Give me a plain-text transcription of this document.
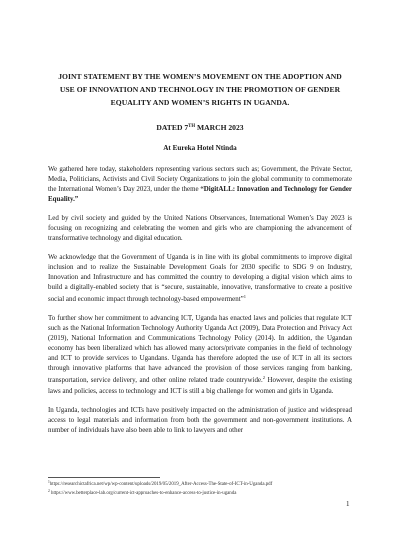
JOINT STATEMENT BY THE WOMEN’S MOVEMENT ON THE ADOPTION AND USE OF INNOVATION AND TECHNOLOGY IN THE PROMOTION OF GENDER EQUALITY AND WOMEN’S RIGHTS IN UGANDA.
DATED 7TH MARCH 2023
At Eureka Hotel Ntinda

We gathered here today, stakeholders representing various sectors such as; Government, the Private Sector, Media, Politicians, Activists and Civil Society Organizations to join the global community to commemorate the International Women’s Day 2023, under the theme “DigitALL: Innovation and Technology for Gender Equality.”

Led by civil society and guided by the United Nations Observances, International Women’s Day 2023 is focusing on recognizing and celebrating the women and girls who are championing the advancement of transformative technology and digital education.

We acknowledge that the Government of Uganda is in line with its global commitments to improve digital inclusion and to realize the Sustainable Development Goals for 2030 specific to SDG 9 on Industry, Innovation and Infrastructure and has committed the country to developing a digital vision which aims to build a digitally-enabled society that is “secure, sustainable, innovative, transformative to create a positive social and economic impact through technology-based empowerment”$^1$

To further show her commitment to advancing ICT, Uganda has enacted laws and policies that regulate ICT such as the National Information Technology Authority Uganda Act (2009), Data Protection and Privacy Act (2019), National Information and Communications Technology Policy (2014). In addition, the Ugandan economy has been liberalized which has allowed many actors/private companies in the field of technology and ICT to provide services to Ugandans. Uganda has therefore adopted the use of ICT in all its sectors through innovative platforms that have advanced the provision of those services ranging from banking, transportation, service delivery, and other online related trade countrywide.$^2$ However, despite the existing laws and policies, access to technology and ICT is still a big challenge for women and girls in Uganda.

In Uganda, technologies and ICTs have positively impacted on the administration of justice and widespread access to legal materials and information from both the government and non-government institutions. A number of individuals have also been able to link to lawyers and other

$^1$https://researchictafrica.net/wp/wp-content/uploads/2019/05/2019_After-Access-The-State-of-ICT-in-Uganda.pdf
$^2$ https://www.betterplace-lab.org/current-ict-approaches-to-enhance-access-to-justice-in-uganda
1
